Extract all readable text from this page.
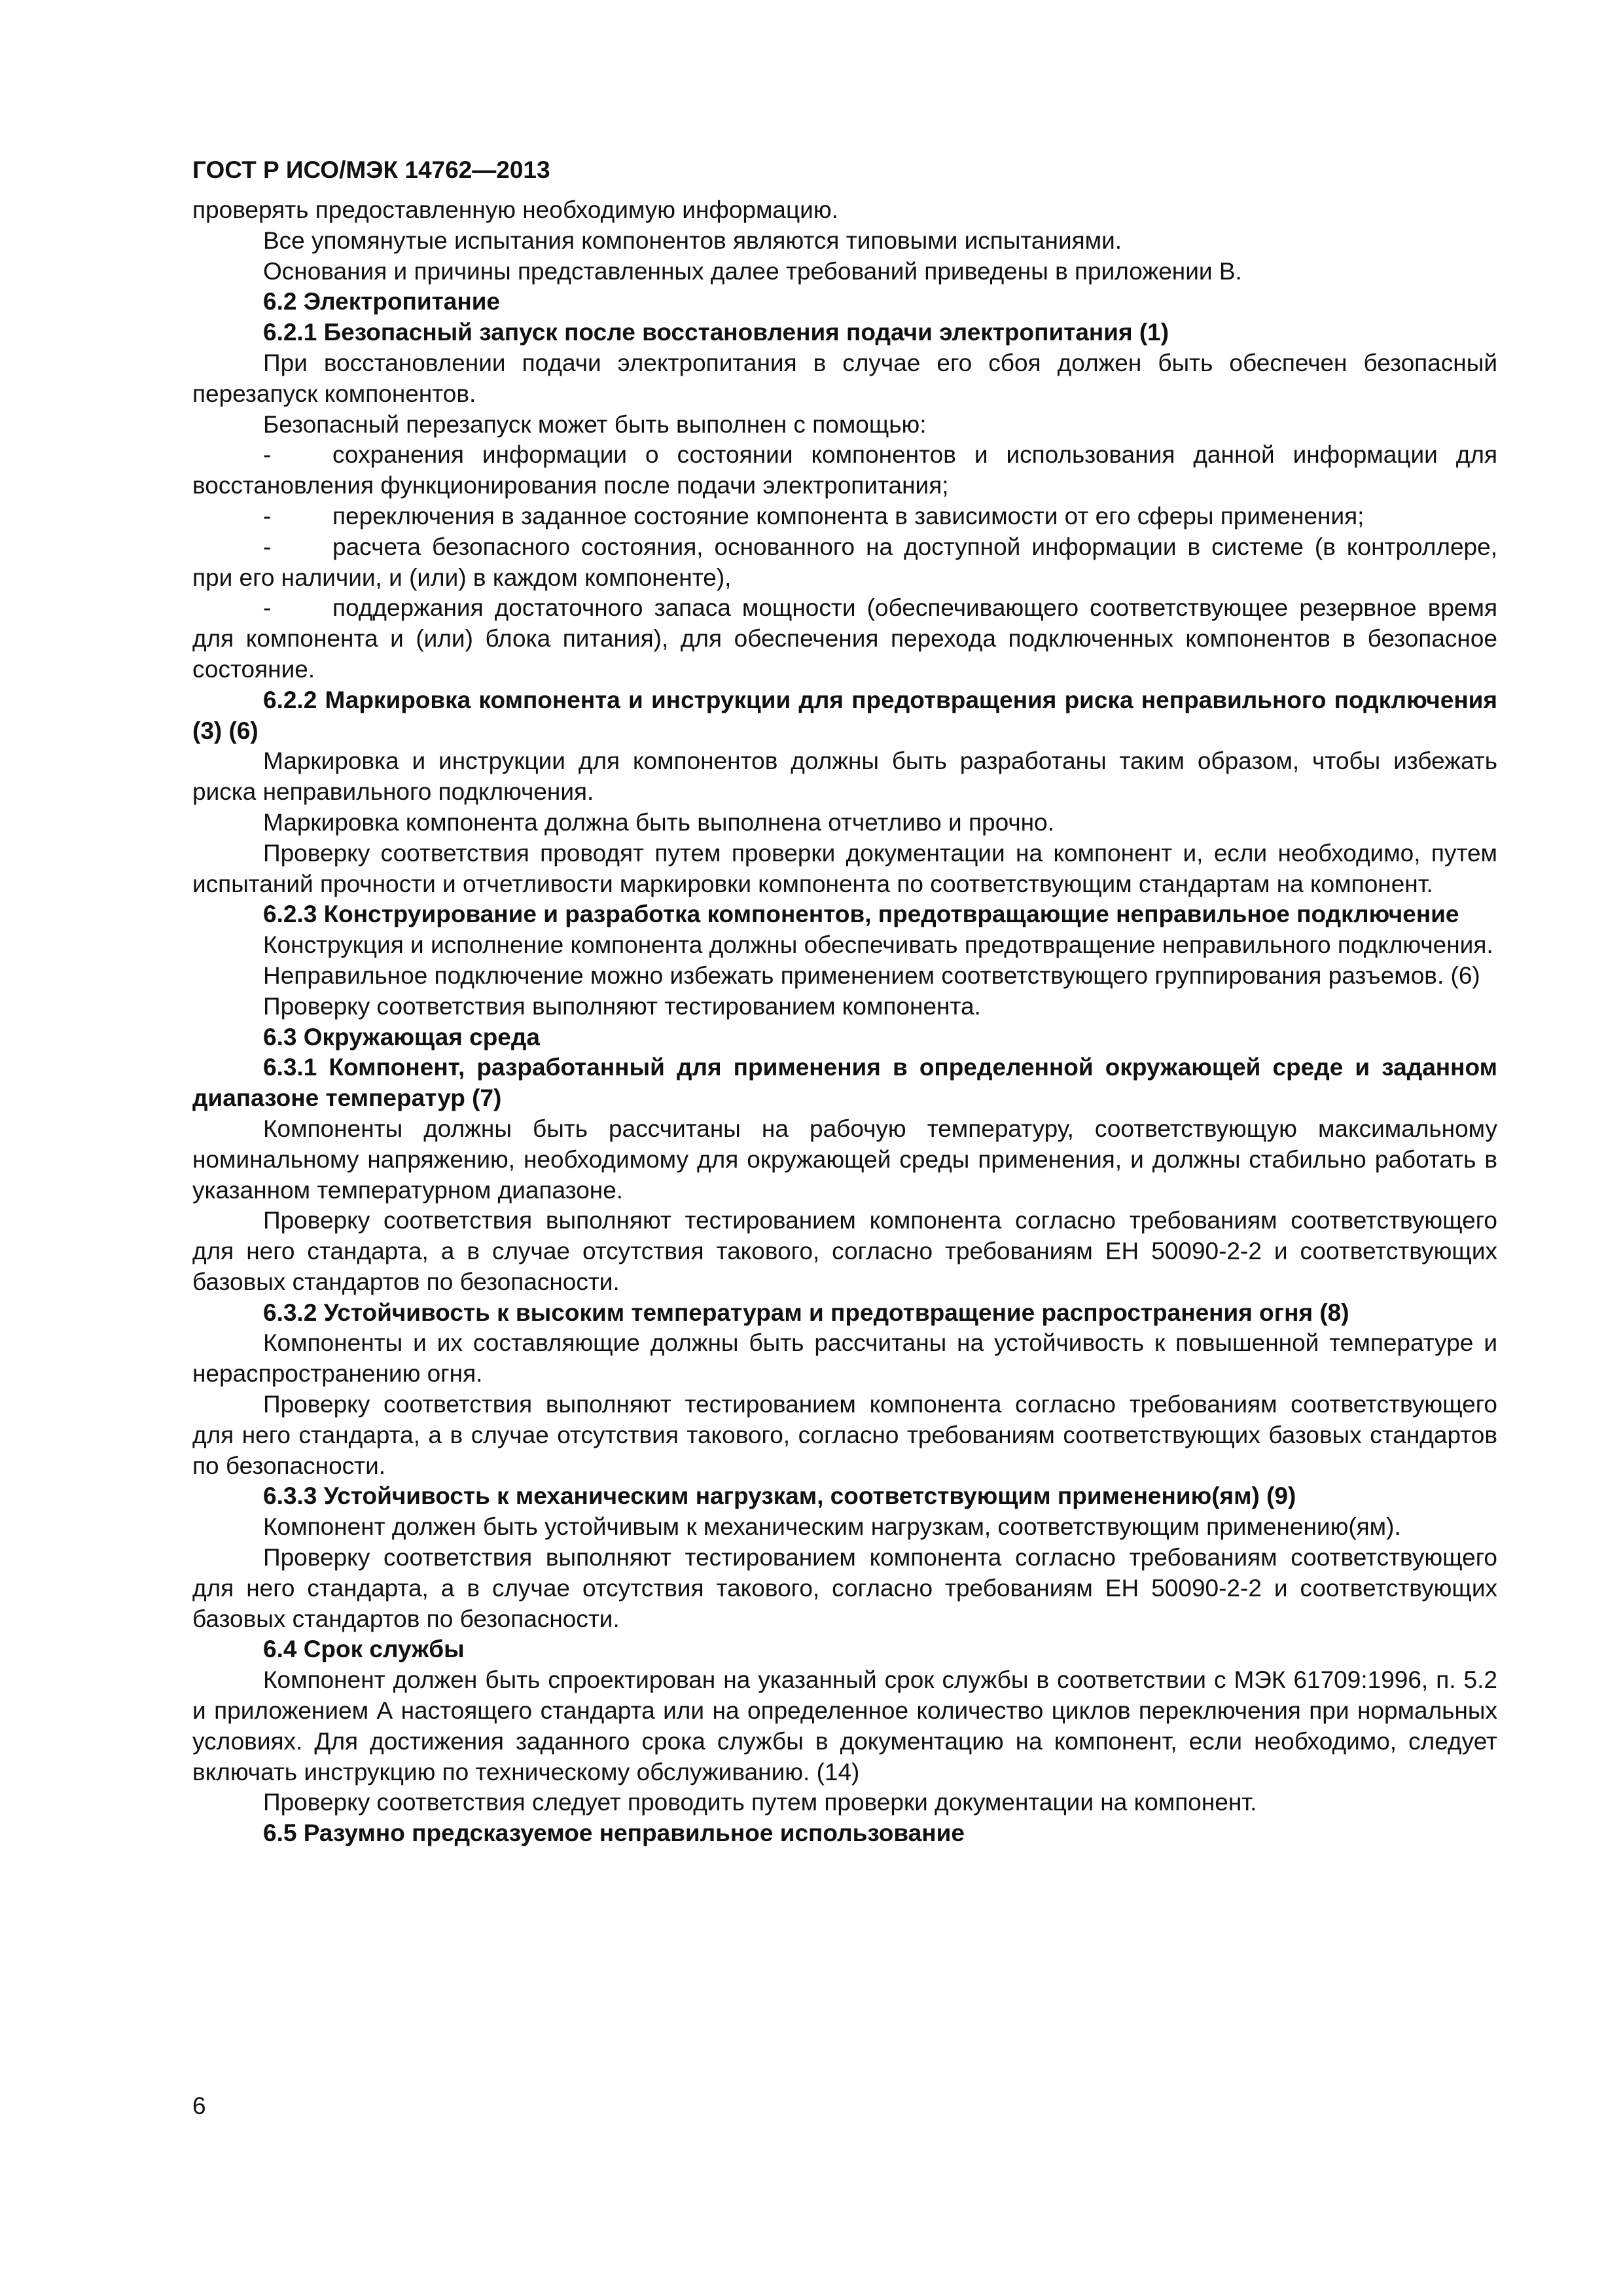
ГОСТ Р ИСО/МЭК 14762—2013

проверять предоставленную необходимую информацию.

Все упомянутые испытания компонентов являются типовыми испытаниями.

Основания и причины представленных далее требований приведены в приложении В.

6.2 Электропитание

6.2.1 Безопасный запуск после восстановления подачи электропитания (1)

При восстановлении подачи электропитания в случае его сбоя должен быть обеспечен безопасный перезапуск компонентов.

Безопасный перезапуск может быть выполнен с помощью:

-	сохранения информации о состоянии компонентов и использования данной информации для восстановления функционирования после подачи электропитания;

-	переключения в заданное состояние компонента в зависимости от его сферы применения;

-	расчета безопасного состояния, основанного на доступной информации в системе (в контроллере, при его наличии, и (или) в каждом компоненте),

-	поддержания достаточного запаса мощности (обеспечивающего соответствующее резервное время для компонента и (или) блока питания), для обеспечения перехода подключенных компонентов в безопасное состояние.

6.2.2 Маркировка компонента и инструкции для предотвращения риска неправильного подключения (3) (6)

Маркировка и инструкции для компонентов должны быть разработаны таким образом, чтобы избежать риска неправильного подключения.

Маркировка компонента должна быть выполнена отчетливо и прочно.

Проверку соответствия проводят путем проверки документации на компонент и, если необходимо, путем испытаний прочности и отчетливости маркировки компонента по соответствующим стандартам на компонент.

6.2.3 Конструирование и разработка компонентов, предотвращающие неправильное подключение

Конструкция и исполнение компонента должны обеспечивать предотвращение неправильного подключения.

Неправильное подключение можно избежать применением соответствующего группирования разъемов. (6)

Проверку соответствия выполняют тестированием компонента.

6.3 Окружающая среда

6.3.1 Компонент, разработанный для применения в определенной окружающей среде и заданном диапазоне температур (7)

Компоненты должны быть рассчитаны на рабочую температуру, соответствующую максимальному номинальному напряжению, необходимому для окружающей среды применения, и должны стабильно работать в указанном температурном диапазоне.

Проверку соответствия выполняют тестированием компонента согласно требованиям соответствующего для него стандарта, а в случае отсутствия такового, согласно требованиям ЕН 50090-2-2 и соответствующих базовых стандартов по безопасности.

6.3.2 Устойчивость к высоким температурам и предотвращение распространения огня (8)

Компоненты и их составляющие должны быть рассчитаны на устойчивость к повышенной температуре и нераспространению огня.

Проверку соответствия выполняют тестированием компонента согласно требованиям соответствующего для него стандарта, а в случае отсутствия такового, согласно требованиям соответствующих базовых стандартов по безопасности.

6.3.3 Устойчивость к механическим нагрузкам, соответствующим применению(ям) (9)

Компонент должен быть устойчивым к механическим нагрузкам, соответствующим применению(ям).

Проверку соответствия выполняют тестированием компонента согласно требованиям соответствующего для него стандарта, а в случае отсутствия такового, согласно требованиям ЕН 50090-2-2 и соответствующих базовых стандартов по безопасности.

6.4 Срок службы

Компонент должен быть спроектирован на указанный срок службы в соответствии с МЭК 61709:1996, п. 5.2 и приложением А настоящего стандарта или на определенное количество циклов переключения при нормальных условиях. Для достижения заданного срока службы в документацию на компонент, если необходимо, следует включать инструкцию по техническому обслуживанию. (14)

Проверку соответствия следует проводить путем проверки документации на компонент.

6.5 Разумно предсказуемое неправильное использование

6
